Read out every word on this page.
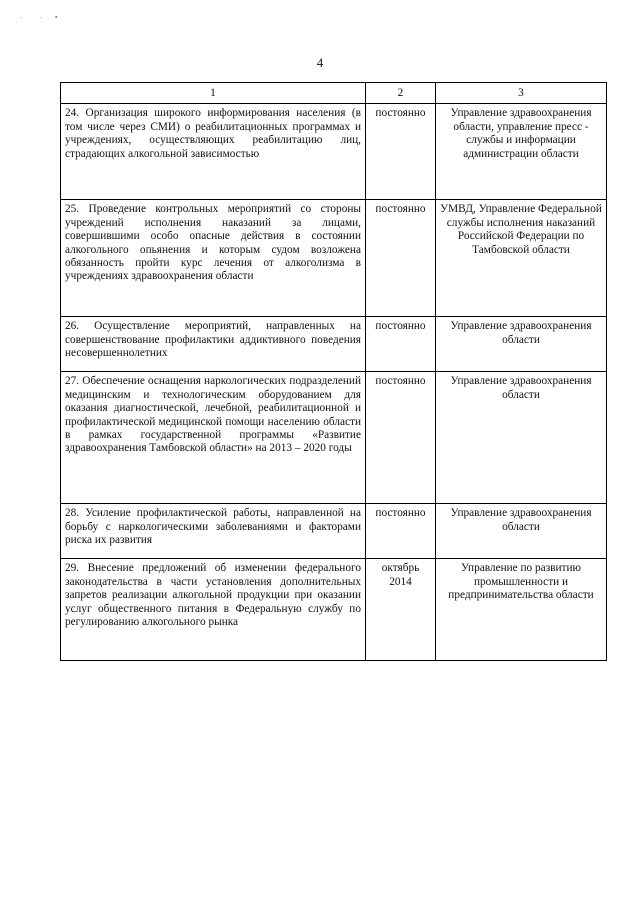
·	· ▪
4
1	2	3
24. Организация широкого информирования населения (в том числе через СМИ) о реабилитационных программах и учреждениях, осуществляющих реабилитацию лиц, страдающих алкогольной зависимостью	постоянно	Управление здравоохранения области, управление пресс - службы и информации администрации области
25. Проведение контрольных мероприятий со стороны учреждений исполнения наказаний за лицами, совершившими особо опасные действия в состоянии алкогольного опьянения и которым судом возложена обязанность пройти курс лечения от алкоголизма в учреждениях здравоохранения области	постоянно	УМВД, Управление Федеральной службы исполнения наказаний Российской Федерации по Тамбовской области
26. Осуществление мероприятий, направленных на совершенствование профилактики аддиктивного поведения несовершеннолетних	постоянно	Управление здравоохранения области
27. Обеспечение оснащения наркологических подразделений медицинским и технологическим оборудованием для оказания диагностической, лечебной, реабилитационной и профилактической медицинской помощи населению области в рамках государственной программы «Развитие здравоохранения Тамбовской области» на 2013 – 2020 годы	постоянно	Управление здравоохранения области
28. Усиление профилактической работы, направленной на борьбу с наркологическими заболеваниями и факторами риска их развития	постоянно	Управление здравоохранения области
29. Внесение предложений об изменении федерального законодательства в части установления дополнительных запретов реализации алкогольной продукции при оказании услуг общественного питания в Федеральную службу по регулированию алкогольного рынка	октябрь 2014	Управление по развитию промышленности и предпринимательства области
